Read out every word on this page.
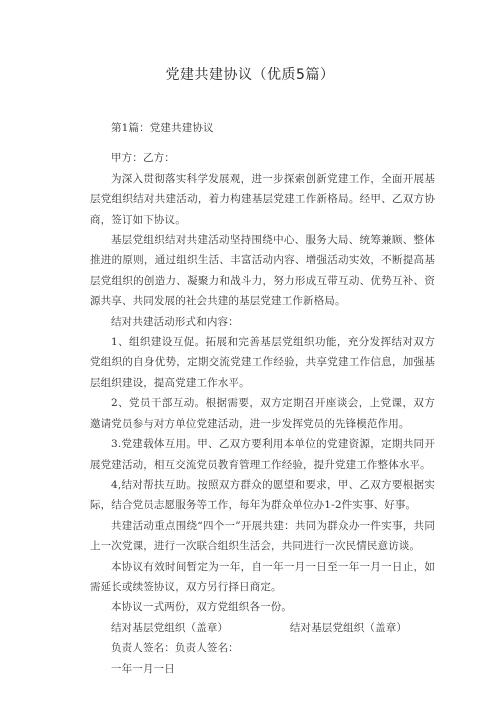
党建共建协议（优质5篇）

第1篇：党建共建协议

甲方：乙方：

为深入贯彻落实科学发展观，进一步探索创新党建工作，全面开展基层党组织结对共建活动，着力构建基层党建工作新格局。经甲、乙双方协商，签订如下协议。

基层党组织结对共建活动坚持围绕中心、服务大局、统筹兼顾、整体推进的原则，通过组织生活、丰富活动内容、增强活动实效，不断提高基层党组织的创造力、凝聚力和战斗力，努力形成互带互动、优势互补、资源共享、共同发展的社会共建的基层党建工作新格局。

结对共建活动形式和内容：

1、组织建设互促。拓展和完善基层党组织功能，充分发挥结对双方党组织的自身优势，定期交流党建工作经验，共享党建工作信息，加强基层组织建设，提高党建工作水平。

2、党员干部互动。根据需要，双方定期召开座谈会，上党课，双方邀请党员参与对方单位党建活动，进一步发挥党员的先锋模范作用。

3.党建载体互用。甲、乙双方要利用本单位的党建资源，定期共同开展党建活动，相互交流党员教育管理工作经验，提升党建工作整体水平。

4,结对帮扶互助。按照双方群众的愿望和要求，甲、乙双方要根据实际，结合党员志愿服务等工作，每年为群众单位办1-2件实事、好事。

共建活动重点围绕“四个一”开展共建：共同为群众办一件实事，共同上一次党课，进行一次联合组织生活会，共同进行一次民情民意访谈。

本协议有效时间暂定为一年，自一年一月一日至一年一月一日止，如需延长或续签协议，双方另行择日商定。

本协议一式两份，双方党组织各一份。

结对基层党组织（盖章）	结对基层党组织（盖章）

负责人签名：负责人签名：

一年一月一日
